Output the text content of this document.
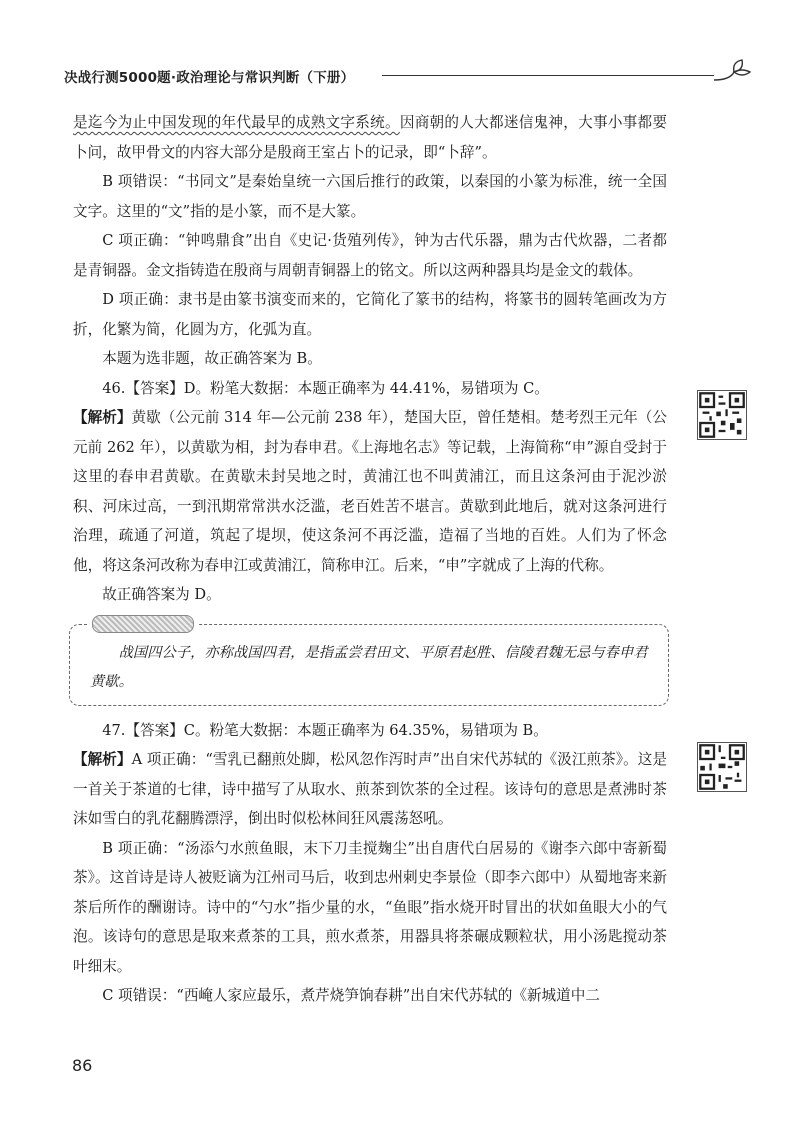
决战行测5000题·政治理论与常识判断（下册）

是迄今为止中国发现的年代最早的成熟文字系统。因商朝的人大都迷信鬼神，大事小事都要卜问，故甲骨文的内容大部分是殷商王室占卜的记录，即“卜辞”。

B 项错误：“书同文”是秦始皇统一六国后推行的政策，以秦国的小篆为标准，统一全国文字。这里的“文”指的是小篆，而不是大篆。

C 项正确：“钟鸣鼎食”出自《史记·货殖列传》，钟为古代乐器，鼎为古代炊器，二者都是青铜器。金文指铸造在殷商与周朝青铜器上的铭文。所以这两种器具均是金文的载体。

D 项正确：隶书是由篆书演变而来的，它简化了篆书的结构，将篆书的圆转笔画改为方折，化繁为简，化圆为方，化弧为直。

本题为选非题，故正确答案为 B。

46.【答案】D。粉笔大数据：本题正确率为 44.41%，易错项为 C。

【解析】黄歇（公元前 314 年—公元前 238 年），楚国大臣，曾任楚相。楚考烈王元年（公元前 262 年），以黄歇为相，封为春申君。《上海地名志》等记载，上海简称“申”源自受封于这里的春申君黄歇。在黄歇未封吴地之时，黄浦江也不叫黄浦江，而且这条河由于泥沙淤积、河床过高，一到汛期常常洪水泛滥，老百姓苦不堪言。黄歇到此地后，就对这条河进行治理，疏通了河道，筑起了堤坝，使这条河不再泛滥，造福了当地的百姓。人们为了怀念他，将这条河改称为春申江或黄浦江，简称申江。后来，“申”字就成了上海的代称。

故正确答案为 D。

战国四公子，亦称战国四君，是指孟尝君田文、平原君赵胜、信陵君魏无忌与春申君黄歇。

47.【答案】C。粉笔大数据：本题正确率为 64.35%，易错项为 B。

【解析】A 项正确：“雪乳已翻煎处脚，松风忽作泻时声”出自宋代苏轼的《汲江煎茶》。这是一首关于茶道的七律，诗中描写了从取水、煎茶到饮茶的全过程。该诗句的意思是煮沸时茶沫如雪白的乳花翻腾漂浮，倒出时似松林间狂风震荡怒吼。

B 项正确：“汤添勺水煎鱼眼，末下刀圭搅麹尘”出自唐代白居易的《谢李六郎中寄新蜀茶》。这首诗是诗人被贬谪为江州司马后，收到忠州刺史李景俭（即李六郎中）从蜀地寄来新茶后所作的酬谢诗。诗中的“勺水”指少量的水，“鱼眼”指水烧开时冒出的状如鱼眼大小的气泡。该诗句的意思是取来煮茶的工具，煎水煮茶，用器具将茶碾成颗粒状，用小汤匙搅动茶叶细末。

C 项错误：“西崦人家应最乐，煮芹烧笋饷春耕”出自宋代苏轼的《新城道中二

86
